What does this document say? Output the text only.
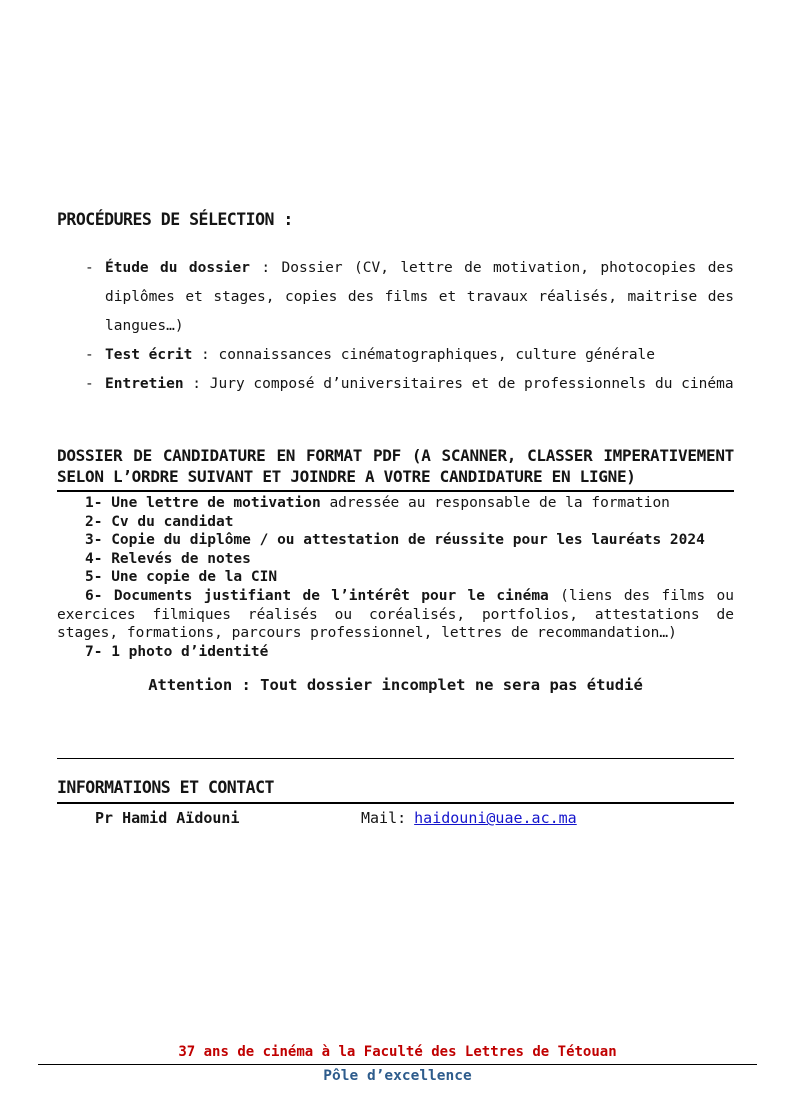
PROCÉDURES DE SÉLECTION :
- Étude du dossier : Dossier (CV, lettre de motivation, photocopies des diplômes et stages, copies des films et travaux réalisés, maitrise des langues…)
- Test écrit : connaissances cinématographiques, culture générale
- Entretien : Jury composé d’universitaires et de professionnels du cinéma
DOSSIER DE CANDIDATURE EN FORMAT PDF (A SCANNER, CLASSER IMPERATIVEMENT SELON L’ORDRE SUIVANT ET JOINDRE A VOTRE CANDIDATURE EN LIGNE)

1- Une lettre de motivation adressée au responsable de la formation

2- Cv du candidat

3- Copie du diplôme / ou attestation de réussite pour les lauréats 2024

4- Relevés de notes

5- Une copie de la CIN

6- Documents justifiant de l’intérêt pour le cinéma (liens des films ou exercices filmiques réalisés ou coréalisés, portfolios, attestations de stages, formations, parcours professionnel, lettres de recommandation…)

7- 1 photo d’identité

Attention : Tout dossier incomplet ne sera pas étudié
INFORMATIONS ET CONTACT
Pr Hamid Aïdouni	Mail: haidouni@uae.ac.ma
37 ans de cinéma à la Faculté des Lettres de Tétouan
Pôle d’excellence
